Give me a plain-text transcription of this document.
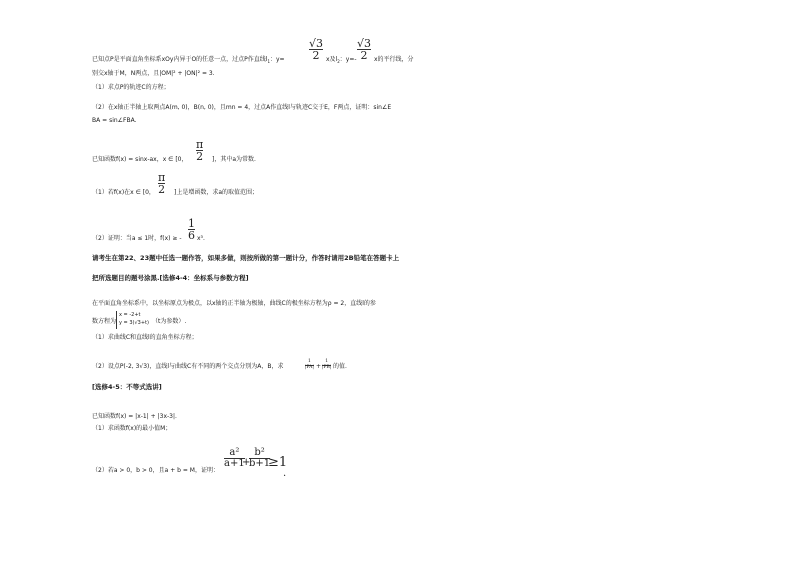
已知点P是平面直角坐标系xOy内异于O的任意一点，过点P作直线$l_1$：y=
√3
2 x及$l_2$：y=-
√3
2 x的平行线，分
别交x轴于M，N两点，且|OM|² + |ON|² = 3.
（1）求点P的轨迹C的方程；
（2）在x轴正半轴上取两点A(m, 0)，B(n, 0)，且mn = 4，过点A作直线l与轨迹C交于E，F两点，证明：sin∠E
BA = sin∠FBA.
已知函数f(x) = sinx-ax，x ∈ [0，
π
2 ]，其中a为常数.
（1）若f(x)在x ∈ [0，
π
2 ]上是增函数，求a的取值范围；
（2）证明：当a ≤ 1时，f(x) ≥ -
1
6 x³.
请考生在第22、23题中任选一题作答，如果多做，则按所做的第一题计分，作答时请用2B铅笔在答题卡上
把所选题目的题号涂黑.[选修4-4：坐标系与参数方程]
在平面直角坐标系中，以坐标原点为极点，以x轴的正半轴为极轴，曲线C的极坐标方程为ρ = 2，直线l的参
数方程为
x = -2+t
y = 3(√3+t) （t为参数）.
（1）求曲线C和直线l的直角坐标方程；
（2）设点P(-2, 3√3)，直线l与曲线C有不同的两个交点分别为A，B，求
1
|PA| +
1
|PB| 的值.
[选修4-5：不等式选讲]
已知函数f(x) = |x-1| + |3x-3|.
（1）求函数f(x)的最小值M；
（2）若a > 0，b > 0，且a + b = M，证明：
a²
a+1
+
b²
b+1
≥1
.
